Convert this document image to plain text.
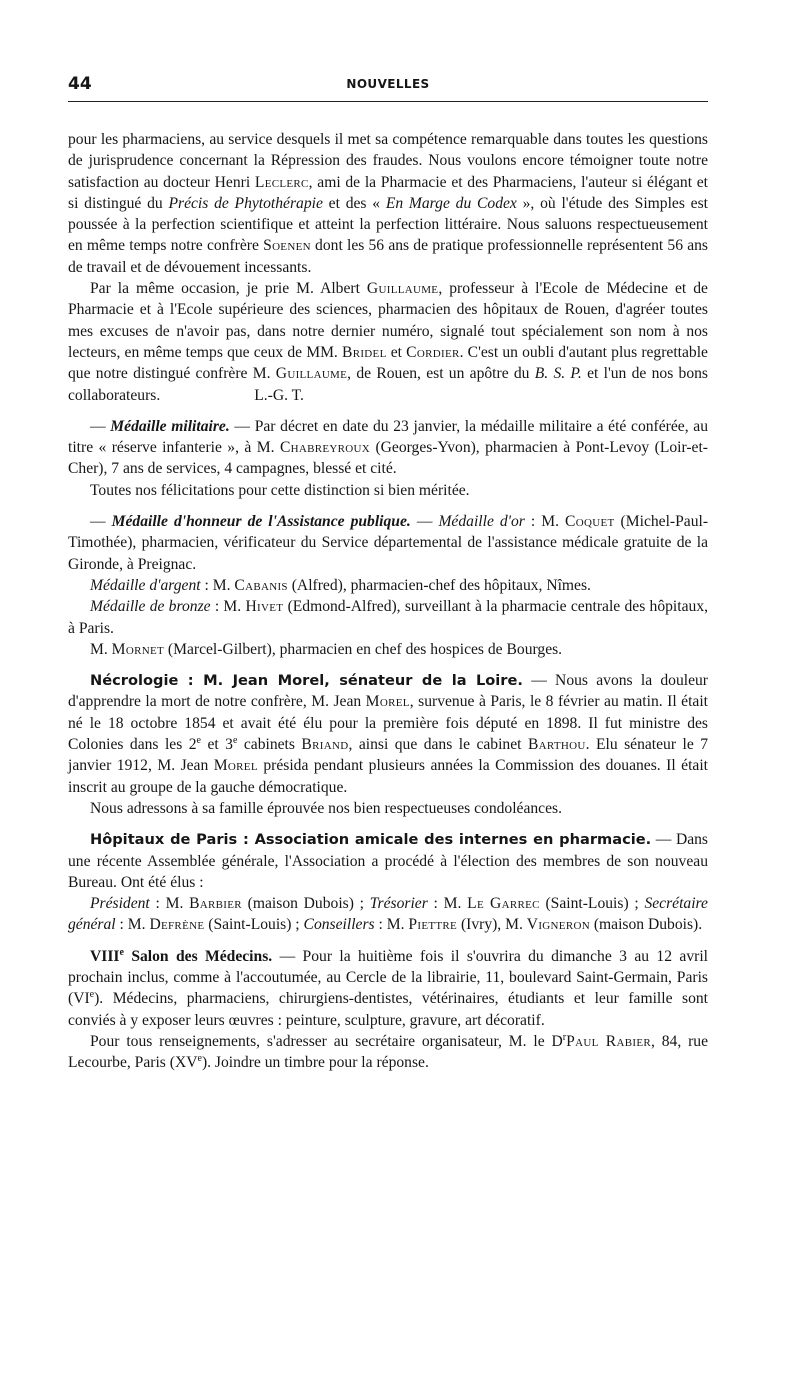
44	NOUVELLES

pour les pharmaciens, au service desquels il met sa compétence remarquable dans toutes les questions de jurisprudence concernant la Répression des fraudes. Nous voulons encore témoigner toute notre satisfaction au docteur Henri Leclerc, ami de la Pharmacie et des Pharmaciens, l'auteur si élégant et si distingué du Précis de Phytothérapie et des « En Marge du Codex », où l'étude des Simples est poussée à la perfection scientifique et atteint la perfection littéraire. Nous saluons respectueusement en même temps notre confrère Soenen dont les 56 ans de pratique professionnelle représentent 56 ans de travail et de dévouement incessants.

Par la même occasion, je prie M. Albert Guillaume, professeur à l'Ecole de Médecine et de Pharmacie et à l'Ecole supérieure des sciences, pharmacien des hôpitaux de Rouen, d'agréer toutes mes excuses de n'avoir pas, dans notre dernier numéro, signalé tout spécialement son nom à nos lecteurs, en même temps que ceux de MM. Bridel et Cordier. C'est un oubli d'autant plus regrettable que notre distingué confrère M. Guillaume, de Rouen, est un apôtre du B. S. P. et l'un de nos bons collaborateurs.	L.-G. T.

— Médaille militaire. — Par décret en date du 23 janvier, la médaille militaire a été conférée, au titre « réserve infanterie », à M. Chabreyroux (Georges-Yvon), pharmacien à Pont-Levoy (Loir-et-Cher), 7 ans de services, 4 campagnes, blessé et cité.

Toutes nos félicitations pour cette distinction si bien méritée.

— Médaille d'honneur de l'Assistance publique. — Médaille d'or : M. Coquet (Michel-Paul-Timothée), pharmacien, vérificateur du Service départemental de l'assistance médicale gratuite de la Gironde, à Preignac.

Médaille d'argent : M. Cabanis (Alfred), pharmacien-chef des hôpitaux, Nîmes.

Médaille de bronze : M. Hivet (Edmond-Alfred), surveillant à la pharmacie centrale des hôpitaux, à Paris.

M. Mornet (Marcel-Gilbert), pharmacien en chef des hospices de Bourges.

Nécrologie : M. Jean Morel, sénateur de la Loire. — Nous avons la douleur d'apprendre la mort de notre confrère, M. Jean Morel, survenue à Paris, le 8 février au matin. Il était né le 18 octobre 1854 et avait été élu pour la première fois député en 1898. Il fut ministre des Colonies dans les 2e et 3e cabinets Briand, ainsi que dans le cabinet Barthou. Elu sénateur le 7 janvier 1912, M. Jean Morel présida pendant plusieurs années la Commission des douanes. Il était inscrit au groupe de la gauche démocratique.

Nous adressons à sa famille éprouvée nos bien respectueuses condoléances.

Hôpitaux de Paris : Association amicale des internes en pharmacie. — Dans une récente Assemblée générale, l'Association a procédé à l'élection des membres de son nouveau Bureau. Ont été élus :

Président : M. Barbier (maison Dubois) ; Trésorier : M. Le Garrec (Saint-Louis) ; Secrétaire général : M. Defrène (Saint-Louis) ; Conseillers : M. Piettre (Ivry), M. Vigneron (maison Dubois).

VIIIe Salon des Médecins. — Pour la huitième fois il s'ouvrira du dimanche 3 au 12 avril prochain inclus, comme à l'accoutumée, au Cercle de la librairie, 11, boulevard Saint-Germain, Paris (VIe). Médecins, pharmaciens, chirurgiens-dentistes, vétérinaires, étudiants et leur famille sont conviés à y exposer leurs œuvres : peinture, sculpture, gravure, art décoratif.

Pour tous renseignements, s'adresser au secrétaire organisateur, M. le $D^rPaul$ Rabier, 84, rue Lecourbe, Paris (XVe). Joindre un timbre pour la réponse.
